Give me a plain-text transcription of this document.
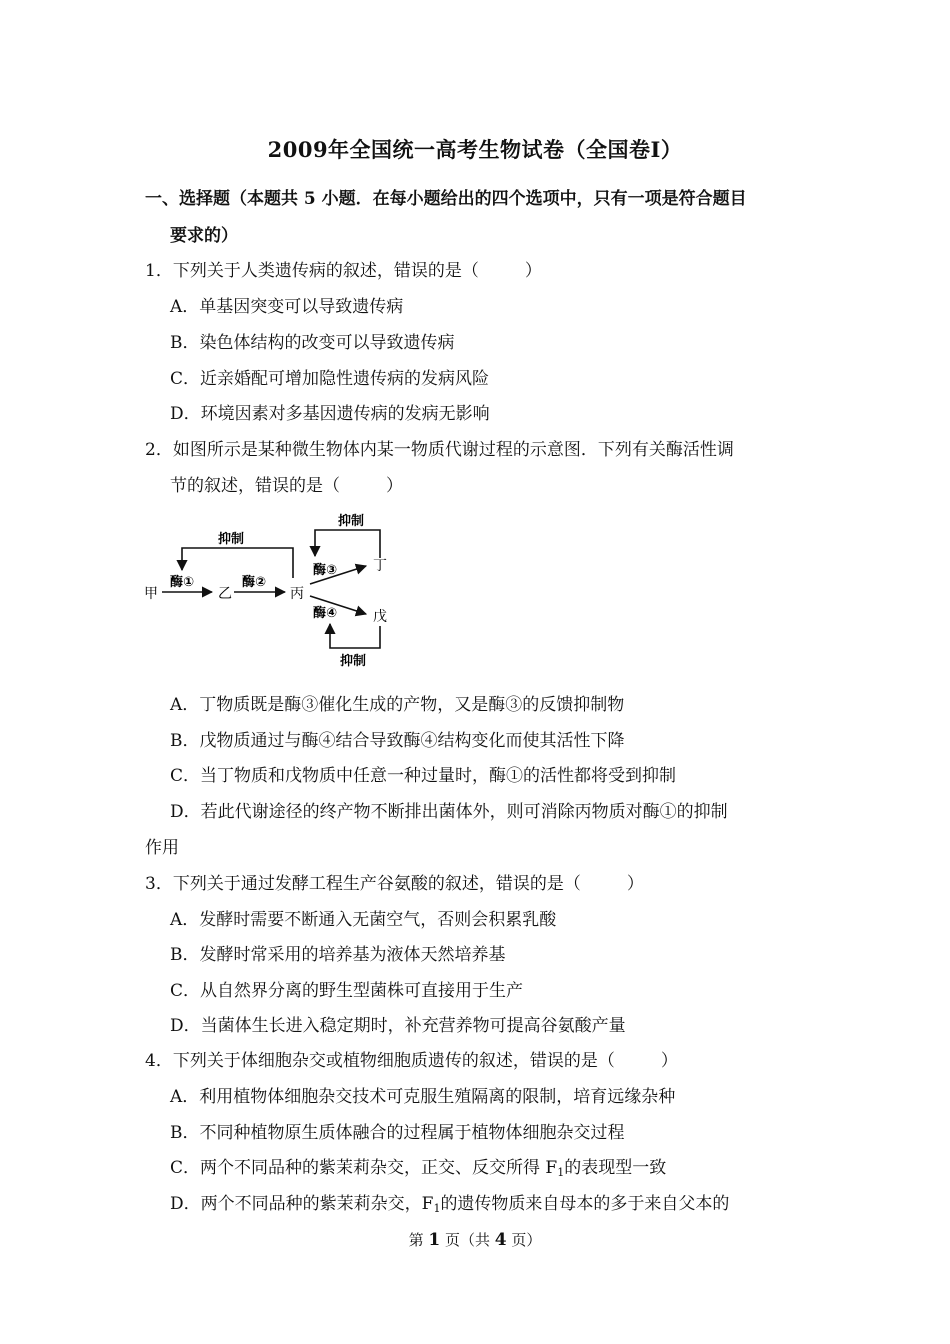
2009年全国统一高考生物试卷（全国卷Ⅰ）
一、选择题（本题共 5 小题．在每小题给出的四个选项中，只有一项是符合题目
要求的）
1．下列关于人类遗传病的叙述，错误的是（	）
A．单基因突变可以导致遗传病
B．染色体结构的改变可以导致遗传病
C．近亲婚配可增加隐性遗传病的发病风险
D．环境因素对多基因遗传病的发病无影响
2．如图所示是某种微生物体内某一物质代谢过程的示意图．下列有关酶活性调
节的叙述，错误的是（	）
抑制
抑制
抑制
甲	乙	丙
丁
戊
酶①	酶②
酶③
酶④
A．丁物质既是酶③催化生成的产物，又是酶③的反馈抑制物
B．戊物质通过与酶④结合导致酶④结构变化而使其活性下降
C．当丁物质和戊物质中任意一种过量时，酶①的活性都将受到抑制
D．若此代谢途径的终产物不断排出菌体外，则可消除丙物质对酶①的抑制
作用
3．下列关于通过发酵工程生产谷氨酸的叙述，错误的是（	）
A．发酵时需要不断通入无菌空气，否则会积累乳酸
B．发酵时常采用的培养基为液体天然培养基
C．从自然界分离的野生型菌株可直接用于生产
D．当菌体生长进入稳定期时，补充营养物可提高谷氨酸产量
4．下列关于体细胞杂交或植物细胞质遗传的叙述，错误的是（	）
A．利用植物体细胞杂交技术可克服生殖隔离的限制，培育远缘杂种
B．不同种植物原生质体融合的过程属于植物体细胞杂交过程
C．两个不同品种的紫茉莉杂交，正交、反交所得 $F_1$的表现型一致
D．两个不同品种的紫茉莉杂交，$F_1$的遗传物质来自母本的多于来自父本的
第 1 页（共 4 页）
